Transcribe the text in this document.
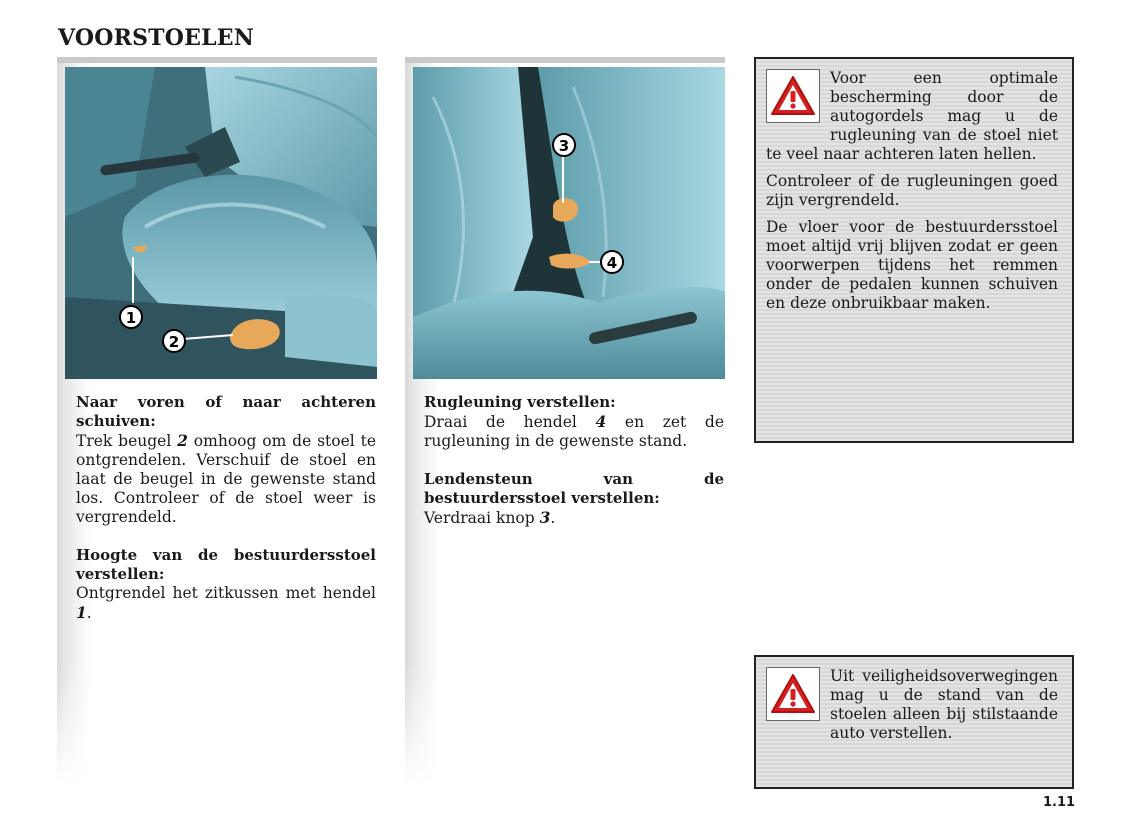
VOORSTOELEN
1
2

Naar voren of naar achteren schuiven:

Trek beugel 2 omhoog om de stoel te ontgrendelen. Verschuif de stoel en laat de beugel in de gewenste stand los. Controleer of de stoel weer is vergrendeld.

Hoogte van de bestuurdersstoel verstellen:

Ontgrendel het zitkussen met hendel 1.

3
4

Rugleuning verstellen:

Draai de hendel 4 en zet de rugleuning in de gewenste stand.

Lendensteun van de bestuurdersstoel verstellen:

Verdraai knop 3.

Voor een optimale bescherming door de autogordels mag u de rugleuning van de stoel niet te veel naar achteren laten hellen.

Controleer of de rugleuningen goed zijn vergrendeld.

De vloer voor de bestuurdersstoel moet altijd vrij blijven zodat er geen voorwerpen tijdens het remmen onder de pedalen kunnen schuiven en deze onbruikbaar maken.

Uit veiligheidsoverwegingen mag u de stand van de stoelen alleen bij stilstaande auto verstellen.

1.11
